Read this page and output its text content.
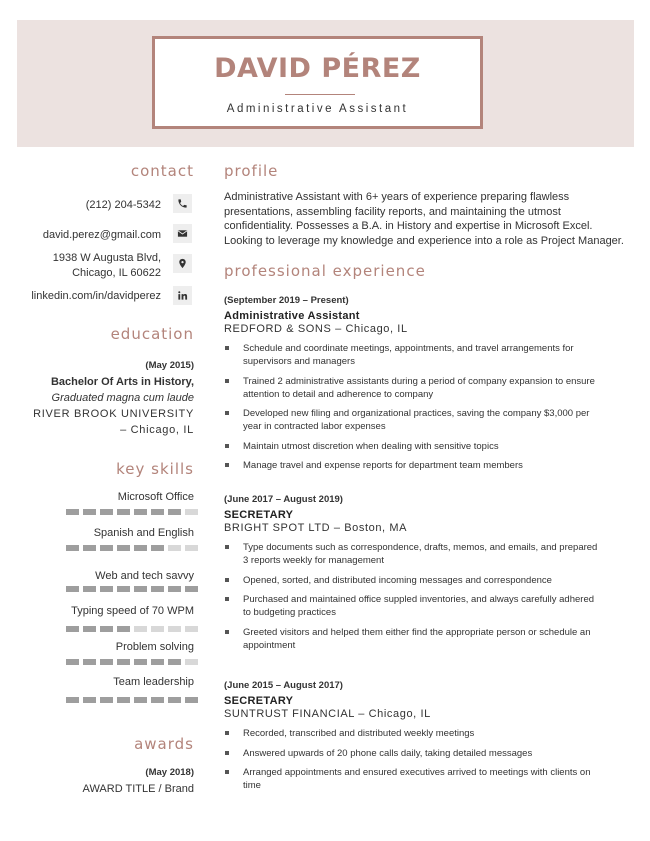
DAVID PÉREZ
Administrative Assistant
contact
(212) 204-5342
david.perez@gmail.com
1938 W Augusta Blvd,
Chicago, IL 60622
linkedin.com/in/davidperez
education
(May 2015)
Bachelor Of Arts in History,
Graduated magna cum laude
RIVER BROOK UNIVERSITY
– Chicago, IL
key skills
Microsoft Office
Spanish and English
Web and tech savvy
Typing speed of 70 WPM
Problem solving
Team leadership
awards
(May 2018)
AWARD TITLE / Brand
profile
Administrative Assistant with 6+ years of experience preparing flawless presentations, assembling facility reports, and maintaining the utmost confidentiality. Possesses a B.A. in History and expertise in Microsoft Excel. Looking to leverage my knowledge and experience into a role as Project Manager.
professional experience
(September 2019 – Present)
Administrative Assistant
REDFORD & SONS – Chicago, IL
Schedule and coordinate meetings, appointments, and travel arrangements for supervisors and managers
Trained 2 administrative assistants during a period of company expansion to ensure attention to detail and adherence to company
Developed new filing and organizational practices, saving the company $3,000 per year in contracted labor expenses
Maintain utmost discretion when dealing with sensitive topics
Manage travel and expense reports for department team members
(June 2017 – August 2019)
SECRETARY
BRIGHT SPOT LTD – Boston, MA
Type documents such as correspondence, drafts, memos, and emails, and prepared 3 reports weekly for management
Opened, sorted, and distributed incoming messages and correspondence
Purchased and maintained office suppled inventories, and always carefully adhered to budgeting practices
Greeted visitors and helped them either find the appropriate person or schedule an appointment
(June 2015 – August 2017)
SECRETARY
SUNTRUST FINANCIAL – Chicago, IL
Recorded, transcribed and distributed weekly meetings
Answered upwards of 20 phone calls daily, taking detailed messages
Arranged appointments and ensured executives arrived to meetings with clients on time
